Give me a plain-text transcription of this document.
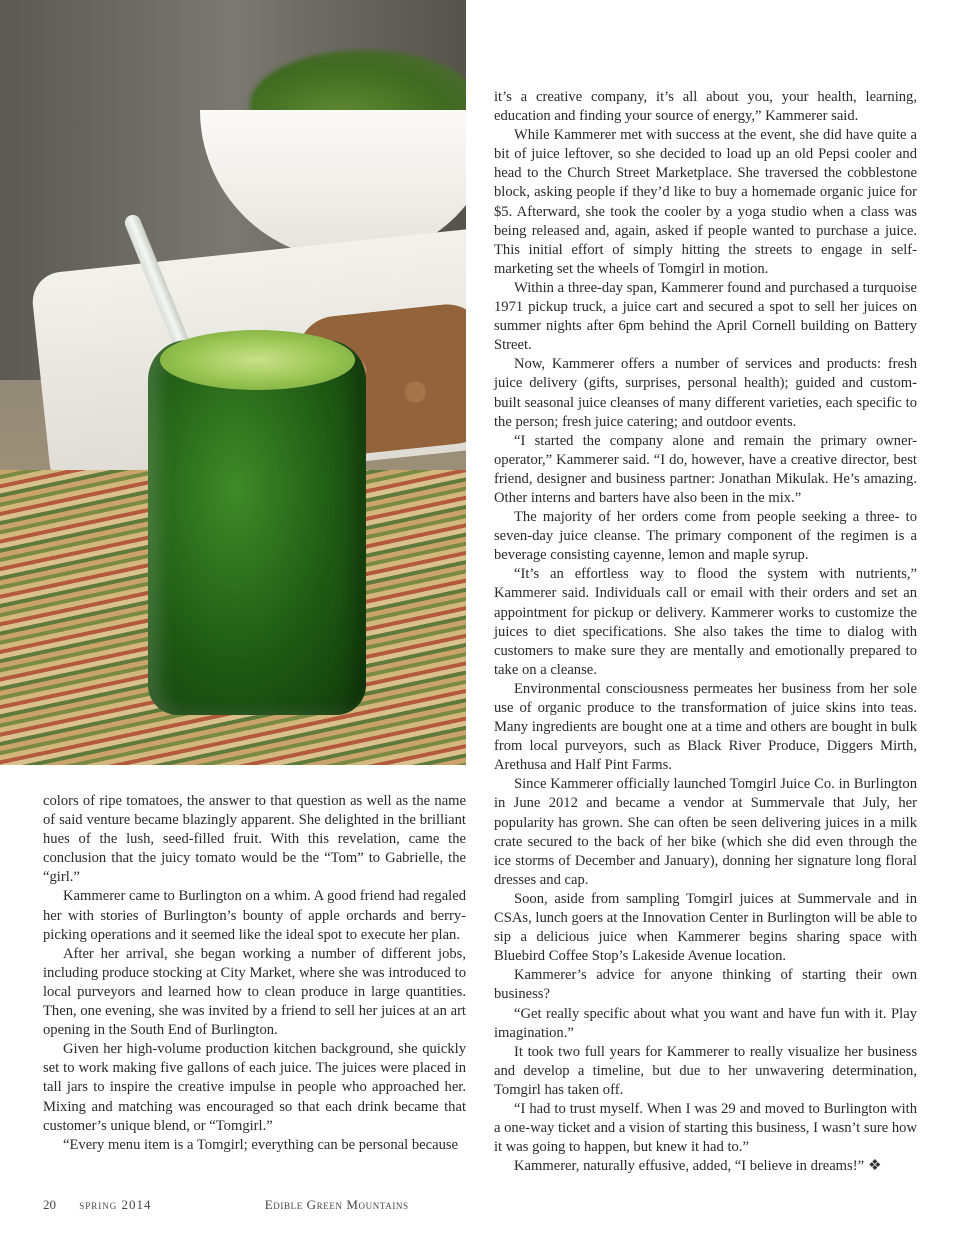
colors of ripe tomatoes, the answer to that question as well as the name of said venture became blazingly apparent. She delighted in the brilliant hues of the lush, seed-filled fruit. With this revelation, came the conclusion that the juicy tomato would be the “Tom” to Gabrielle, the “girl.”

Kammerer came to Burlington on a whim. A good friend had regaled her with stories of Burlington’s bounty of apple orchards and berry-picking operations and it seemed like the ideal spot to execute her plan.

After her arrival, she began working a number of different jobs, including produce stocking at City Market, where she was introduced to local purveyors and learned how to clean produce in large quantities. Then, one evening, she was invited by a friend to sell her juices at an art opening in the South End of Burlington.

Given her high-volume production kitchen background, she quickly set to work making five gallons of each juice. The juices were placed in tall jars to inspire the creative impulse in people who approached her. Mixing and matching was encouraged so that each drink became that customer’s unique blend, or “Tomgirl.”

“Every menu item is a Tomgirl; everything can be personal because

it’s a creative company, it’s all about you, your health, learning, education and finding your source of energy,” Kammerer said.

While Kammerer met with success at the event, she did have quite a bit of juice leftover, so she decided to load up an old Pepsi cooler and head to the Church Street Marketplace. She traversed the cobblestone block, asking people if they’d like to buy a homemade organic juice for $5. Afterward, she took the cooler by a yoga studio when a class was being released and, again, asked if people wanted to purchase a juice. This initial effort of simply hitting the streets to engage in self-marketing set the wheels of Tomgirl in motion.

Within a three-day span, Kammerer found and purchased a turquoise 1971 pickup truck, a juice cart and secured a spot to sell her juices on summer nights after 6pm behind the April Cornell building on Battery Street.

Now, Kammerer offers a number of services and products: fresh juice delivery (gifts, surprises, personal health); guided and custom-built seasonal juice cleanses of many different varieties, each specific to the person; fresh juice catering; and outdoor events.

“I started the company alone and remain the primary owner-operator,” Kammerer said. “I do, however, have a creative director, best friend, designer and business partner: Jonathan Mikulak. He’s amazing. Other interns and barters have also been in the mix.”

The majority of her orders come from people seeking a three- to seven-day juice cleanse. The primary component of the regimen is a beverage consisting cayenne, lemon and maple syrup.

“It’s an effortless way to flood the system with nutrients,” Kammerer said. Individuals call or email with their orders and set an appointment for pickup or delivery. Kammerer works to customize the juices to diet specifications. She also takes the time to dialog with customers to make sure they are mentally and emotionally prepared to take on a cleanse.

Environmental consciousness permeates her business from her sole use of organic produce to the transformation of juice skins into teas. Many ingredients are bought one at a time and others are bought in bulk from local purveyors, such as Black River Produce, Diggers Mirth, Arethusa and Half Pint Farms.

Since Kammerer officially launched Tomgirl Juice Co. in Burlington in June 2012 and became a vendor at Summervale that July, her popularity has grown. She can often be seen delivering juices in a milk crate secured to the back of her bike (which she did even through the ice storms of December and January), donning her signature long floral dresses and cap.

Soon, aside from sampling Tomgirl juices at Summervale and in CSAs, lunch goers at the Innovation Center in Burlington will be able to sip a delicious juice when Kammerer begins sharing space with Bluebird Coffee Stop’s Lakeside Avenue location.

Kammerer’s advice for anyone thinking of starting their own business?

“Get really specific about what you want and have fun with it. Play imagination.”

It took two full years for Kammerer to really visualize her business and develop a timeline, but due to her unwavering determination, Tomgirl has taken off.

“I had to trust myself. When I was 29 and moved to Burlington with a one-way ticket and a vision of starting this business, I wasn’t sure how it was going to happen, but knew it had to.”

Kammerer, naturally effusive, added, “I believe in dreams!” ❖

20 spring 2014	Edible Green Mountains
